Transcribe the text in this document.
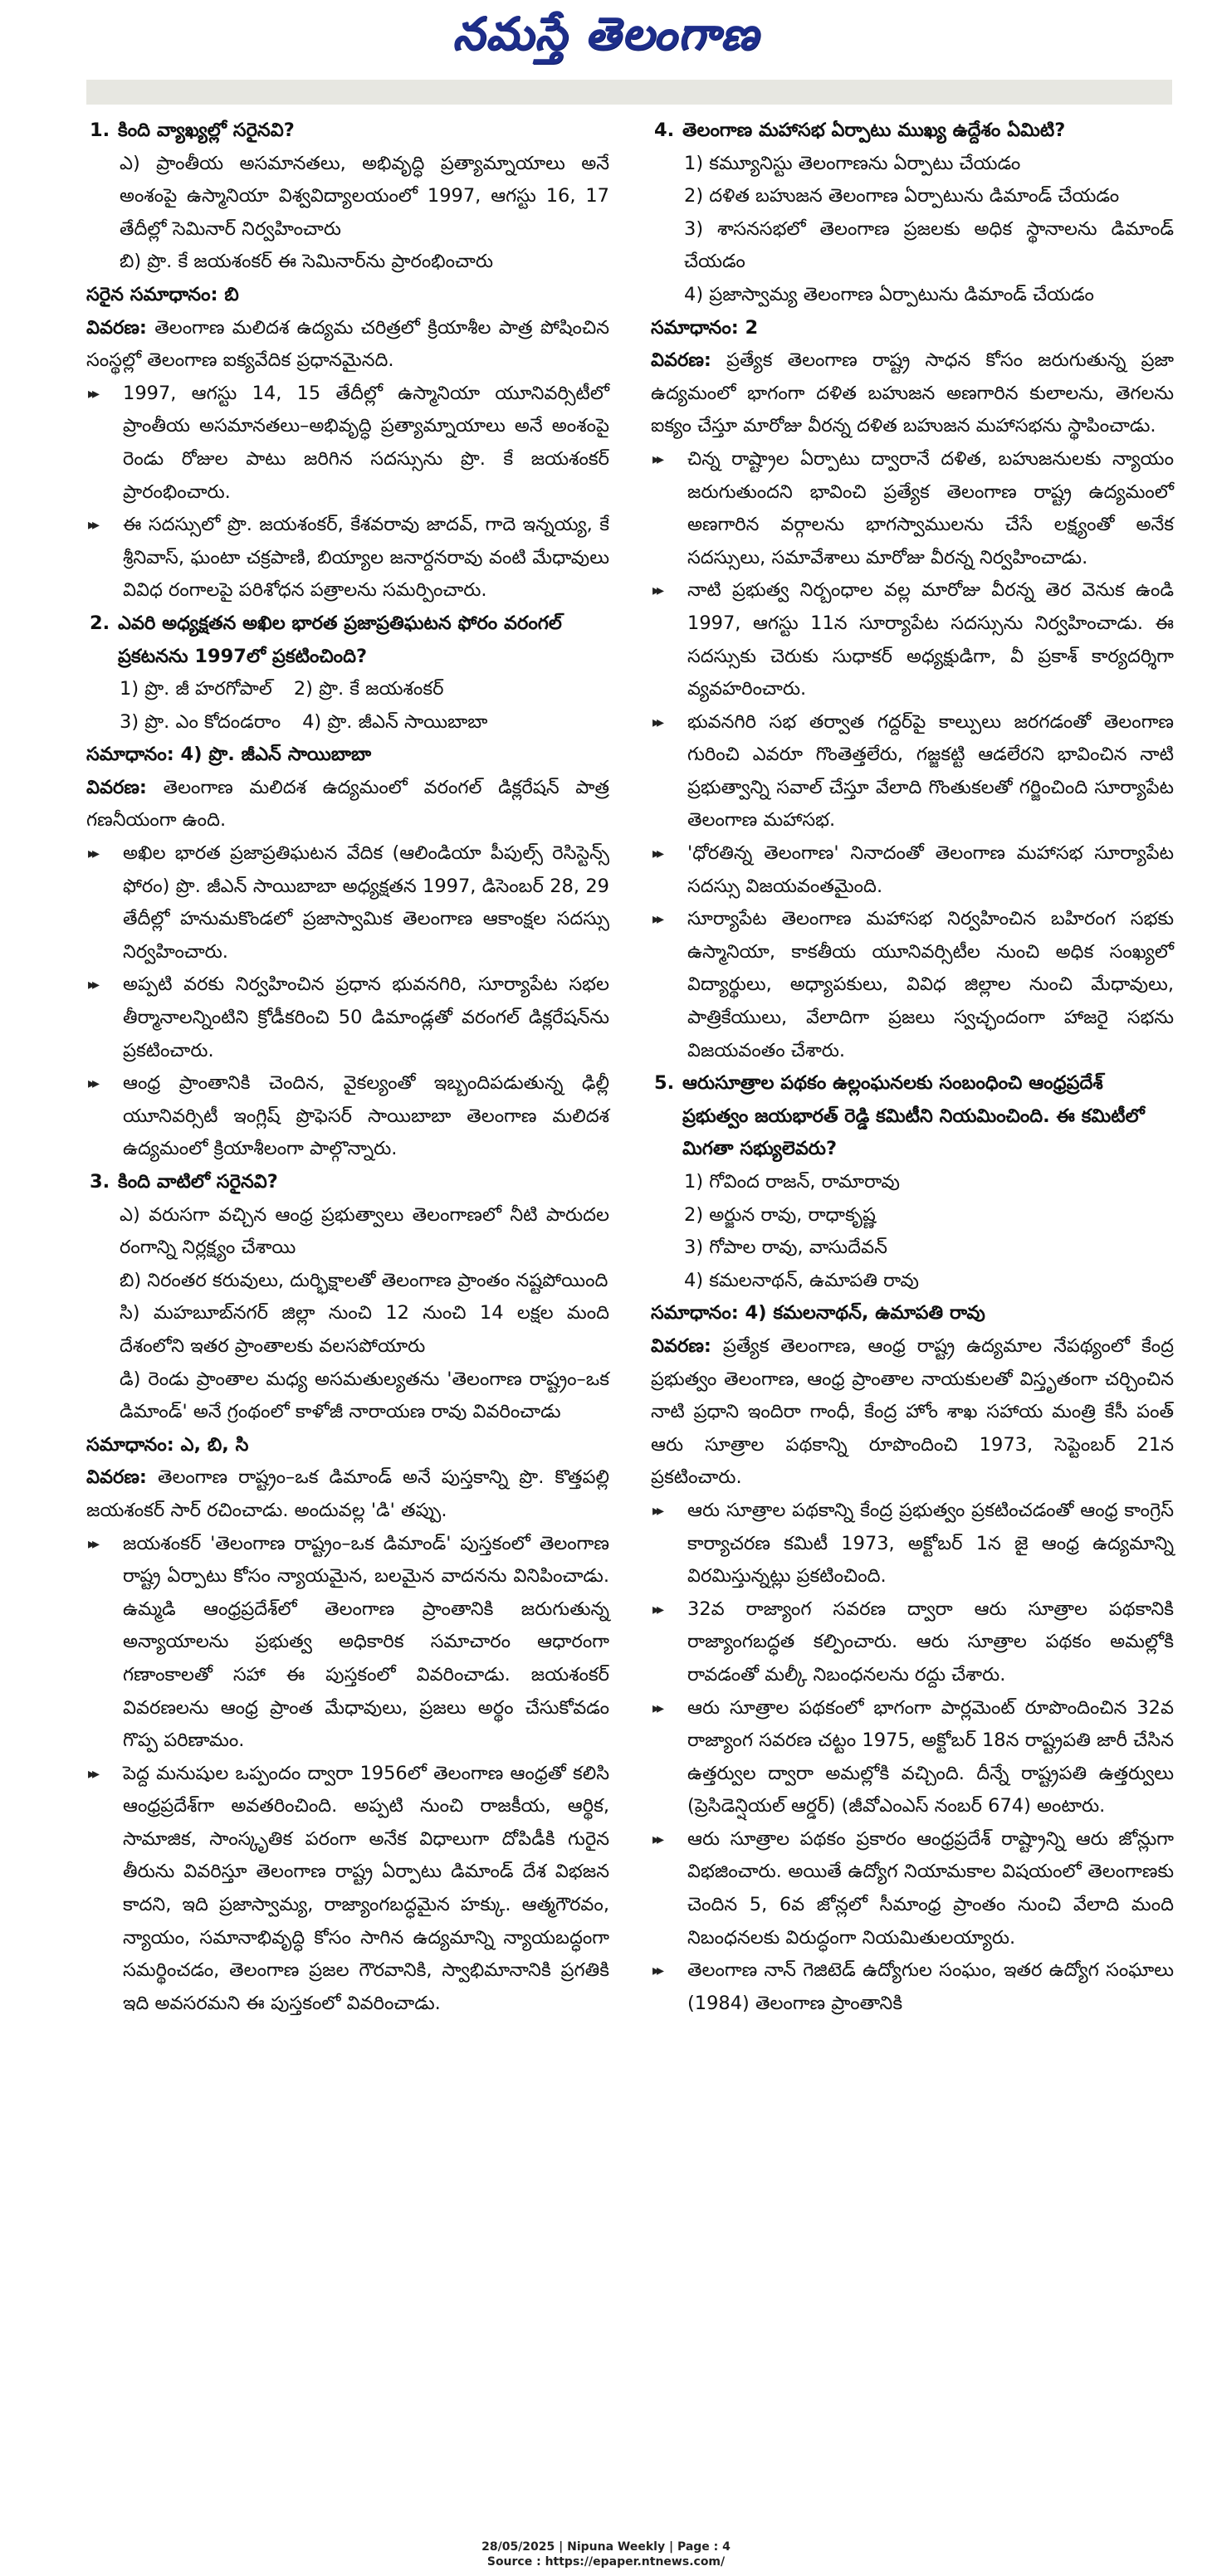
నమస్తే తెలంగాణ
1. కింది వ్యాఖ్యల్లో సరైనవి?
ఎ) ప్రాంతీయ అసమానతలు, అభివృద్ధి ప్రత్యామ్నాయాలు అనే అంశంపై ఉస్మానియా విశ్వవిద్యాలయంలో 1997, ఆగస్టు 16, 17 తేదీల్లో సెమినార్ నిర్వహించారు
బి) ప్రొ. కే జయశంకర్ ఈ సెమినార్‌ను ప్రారంభించారు
సరైన సమాధానం: బి
వివరణ: తెలంగాణ మలిదశ ఉద్యమ చరిత్రలో క్రియాశీల పాత్ర పోషించిన సంస్థల్లో తెలంగాణ ఐక్యవేదిక ప్రధానమైనది.
▸▸ 1997, ఆగస్టు 14, 15 తేదీల్లో ఉస్మానియా యూనివర్సిటీలో ప్రాంతీయ అసమానతలు–అభివృద్ధి ప్రత్యామ్నాయాలు అనే అంశంపై రెండు రోజుల పాటు జరిగిన సదస్సును ప్రొ. కే జయశంకర్ ప్రారంభించారు.
▸▸ ఈ సదస్సులో ప్రొ. జయశంకర్, కేశవరావు జాదవ్, గాదె ఇన్నయ్య, కే శ్రీనివాస్, ఘంటా చక్రపాణి, బియ్యాల జనార్దనరావు వంటి మేధావులు వివిధ రంగాలపై పరిశోధన పత్రాలను సమర్పించారు.
2. ఎవరి అధ్యక్షతన అఖిల భారత ప్రజాప్రతిఘటన ఫోరం వరంగల్ ప్రకటనను 1997లో ప్రకటించింది?
1) ప్రొ. జీ హరగోపాల్ 2) ప్రొ. కే జయశంకర్
3) ప్రొ. ఎం కోదండరాం 4) ప్రొ. జీఎన్ సాయిబాబా
సమాధానం: 4) ప్రొ. జీఎన్ సాయిబాబా
వివరణ: తెలంగాణ మలిదశ ఉద్యమంలో వరంగల్ డిక్లరేషన్ పాత్ర గణనీయంగా ఉంది.
▸▸ అఖిల భారత ప్రజాప్రతిఘటన వేదిక (ఆలిండియా పీపుల్స్ రెసిస్టెన్స్ ఫోరం) ప్రొ. జీఎన్ సాయిబాబా అధ్యక్షతన 1997, డిసెంబర్ 28, 29 తేదీల్లో హనుమకొండలో ప్రజాస్వామిక తెలంగాణ ఆకాంక్షల సదస్సు నిర్వహించారు.
▸▸ అప్పటి వరకు నిర్వహించిన ప్రధాన భువనగిరి, సూర్యాపేట సభల తీర్మానాలన్నింటిని క్రోడీకరించి 50 డిమాండ్లతో వరంగల్ డిక్లరేషన్‌ను ప్రకటించారు.
▸▸ ఆంధ్ర ప్రాంతానికి చెందిన, వైకల్యంతో ఇబ్బందిపడుతున్న ఢిల్లీ యూనివర్సిటీ ఇంగ్లిష్ ప్రొఫెసర్ సాయిబాబా తెలంగాణ మలిదశ ఉద్యమంలో క్రియాశీలంగా పాల్గొన్నారు.
3. కింది వాటిలో సరైనవి?
ఎ) వరుసగా వచ్చిన ఆంధ్ర ప్రభుత్వాలు తెలంగాణలో నీటి పారుదల రంగాన్ని నిర్లక్ష్యం చేశాయి
బి) నిరంతర కరువులు, దుర్భిక్షాలతో తెలంగాణ ప్రాంతం నష్టపోయింది
సి) మహబూబ్‌నగర్ జిల్లా నుంచి 12 నుంచి 14 లక్షల మంది దేశంలోని ఇతర ప్రాంతాలకు వలసపోయారు
డి) రెండు ప్రాంతాల మధ్య అసమతుల్యతను 'తెలంగాణ రాష్ట్రం–ఒక డిమాండ్' అనే గ్రంథంలో కాళోజీ నారాయణ రావు వివరించాడు
సమాధానం: ఎ, బి, సి
వివరణ: తెలంగాణ రాష్ట్రం–ఒక డిమాండ్ అనే పుస్తకాన్ని ప్రొ. కొత్తపల్లి జయశంకర్ సార్ రచించాడు. అందువల్ల 'డి' తప్పు.
▸▸ జయశంకర్ 'తెలంగాణ రాష్ట్రం–ఒక డిమాండ్' పుస్తకంలో తెలంగాణ రాష్ట్ర ఏర్పాటు కోసం న్యాయమైన, బలమైన వాదనను వినిపించాడు. ఉమ్మడి ఆంధ్రప్రదేశ్‌లో తెలంగాణ ప్రాంతానికి జరుగుతున్న అన్యాయాలను ప్రభుత్వ అధికారిక సమాచారం ఆధారంగా గణాంకాలతో సహా ఈ పుస్తకంలో వివరించాడు. జయశంకర్ వివరణలను ఆంధ్ర ప్రాంత మేధావులు, ప్రజలు అర్థం చేసుకోవడం గొప్ప పరిణామం.
▸▸ పెద్ద మనుషుల ఒప్పందం ద్వారా 1956లో తెలంగాణ ఆంధ్రతో కలిసి ఆంధ్రప్రదేశ్‌గా అవతరించింది. అప్పటి నుంచి రాజకీయ, ఆర్థిక, సామాజిక, సాంస్కృతిక పరంగా అనేక విధాలుగా దోపిడీకి గురైన తీరును వివరిస్తూ తెలంగాణ రాష్ట్ర ఏర్పాటు డిమాండ్ దేశ విభజన కాదని, ఇది ప్రజాస్వామ్య, రాజ్యాంగబద్ధమైన హక్కు. ఆత్మగౌరవం, న్యాయం, సమానాభివృద్ధి కోసం సాగిన ఉద్యమాన్ని న్యాయబద్ధంగా సమర్థించడం, తెలంగాణ ప్రజల గౌరవానికి, స్వాభిమానానికి ప్రగతికి ఇది అవసరమని ఈ పుస్తకంలో వివరించాడు.
4. తెలంగాణ మహాసభ ఏర్పాటు ముఖ్య ఉద్దేశం ఏమిటి?
1) కమ్యూనిస్టు తెలంగాణను ఏర్పాటు చేయడం
2) దళిత బహుజన తెలంగాణ ఏర్పాటును డిమాండ్ చేయడం
3) శాసనసభలో తెలంగాణ ప్రజలకు అధిక స్థానాలను డిమాండ్ చేయడం
4) ప్రజాస్వామ్య తెలంగాణ ఏర్పాటును డిమాండ్ చేయడం
సమాధానం: 2
వివరణ: ప్రత్యేక తెలంగాణ రాష్ట్ర సాధన కోసం జరుగుతున్న ప్రజా ఉద్యమంలో భాగంగా దళిత బహుజన అణగారిన కులాలను, తెగలను ఐక్యం చేస్తూ మారోజు వీరన్న దళిత బహుజన మహాసభను స్థాపించాడు.
▸▸ చిన్న రాష్ట్రాల ఏర్పాటు ద్వారానే దళిత, బహుజనులకు న్యాయం జరుగుతుందని భావించి ప్రత్యేక తెలంగాణ రాష్ట్ర ఉద్యమంలో అణగారిన వర్గాలను భాగస్వాములను చేసే లక్ష్యంతో అనేక సదస్సులు, సమావేశాలు మారోజు వీరన్న నిర్వహించాడు.
▸▸ నాటి ప్రభుత్వ నిర్బంధాల వల్ల మారోజు వీరన్న తెర వెనుక ఉండి 1997, ఆగస్టు 11న సూర్యాపేట సదస్సును నిర్వహించాడు. ఈ సదస్సుకు చెరుకు సుధాకర్ అధ్యక్షుడిగా, వీ ప్రకాశ్ కార్యదర్శిగా వ్యవహరించారు.
▸▸ భువనగిరి సభ తర్వాత గద్దర్‌పై కాల్పులు జరగడంతో తెలంగాణ గురించి ఎవరూ గొంతెత్తలేరు, గజ్జకట్టి ఆడలేరని భావించిన నాటి ప్రభుత్వాన్ని సవాల్ చేస్తూ వేలాది గొంతుకలతో గర్జించింది సూర్యాపేట తెలంగాణ మహాసభ.
▸▸ 'ధోరతిన్న తెలంగాణ' నినాదంతో తెలంగాణ మహాసభ సూర్యాపేట సదస్సు విజయవంతమైంది.
▸▸ సూర్యాపేట తెలంగాణ మహాసభ నిర్వహించిన బహిరంగ సభకు ఉస్మానియా, కాకతీయ యూనివర్సిటీల నుంచి అధిక సంఖ్యలో విద్యార్థులు, అధ్యాపకులు, వివిధ జిల్లాల నుంచి మేధావులు, పాత్రికేయులు, వేలాదిగా ప్రజలు స్వచ్ఛందంగా హాజరై సభను విజయవంతం చేశారు.
5. ఆరుసూత్రాల పథకం ఉల్లంఘనలకు సంబంధించి ఆంధ్రప్రదేశ్ ప్రభుత్వం జయభారత్ రెడ్డి కమిటీని నియమించింది. ఈ కమిటీలో మిగతా సభ్యులెవరు?
1) గోవింద రాజన్, రామారావు
2) అర్జున రావు, రాధాకృష్ణ
3) గోపాల రావు, వాసుదేవన్
4) కమలనాథన్, ఉమాపతి రావు
సమాధానం: 4) కమలనాథన్, ఉమాపతి రావు
వివరణ: ప్రత్యేక తెలంగాణ, ఆంధ్ర రాష్ట్ర ఉద్యమాల నేపథ్యంలో కేంద్ర ప్రభుత్వం తెలంగాణ, ఆంధ్ర ప్రాంతాల నాయకులతో విస్తృతంగా చర్చించిన నాటి ప్రధాని ఇందిరా గాంధీ, కేంద్ర హోం శాఖ సహాయ మంత్రి కేసీ పంత్ ఆరు సూత్రాల పథకాన్ని రూపొందించి 1973, సెప్టెంబర్ 21న ప్రకటించారు.
▸▸ ఆరు సూత్రాల పథకాన్ని కేంద్ర ప్రభుత్వం ప్రకటించడంతో ఆంధ్ర కాంగ్రెస్ కార్యాచరణ కమిటీ 1973, అక్టోబర్ 1న జై ఆంధ్ర ఉద్యమాన్ని విరమిస్తున్నట్లు ప్రకటించింది.
▸▸ 32వ రాజ్యాంగ సవరణ ద్వారా ఆరు సూత్రాల పథకానికి రాజ్యాంగబద్ధత కల్పించారు. ఆరు సూత్రాల పథకం అమల్లోకి రావడంతో మల్కీ నిబంధనలను రద్దు చేశారు.
▸▸ ఆరు సూత్రాల పథకంలో భాగంగా పార్లమెంట్ రూపొందించిన 32వ రాజ్యాంగ సవరణ చట్టం 1975, అక్టోబర్ 18న రాష్ట్రపతి జారీ చేసిన ఉత్తర్వుల ద్వారా అమల్లోకి వచ్చింది. దీన్నే రాష్ట్రపతి ఉత్తర్వులు (ప్రెసిడెన్షియల్ ఆర్డర్) (జీవోఎంఎస్ నంబర్ 674) అంటారు.
▸▸ ఆరు సూత్రాల పథకం ప్రకారం ఆంధ్రప్రదేశ్ రాష్ట్రాన్ని ఆరు జోన్లుగా విభజించారు. అయితే ఉద్యోగ నియామకాల విషయంలో తెలంగాణకు చెందిన 5, 6వ జోన్లలో సీమాంధ్ర ప్రాంతం నుంచి వేలాది మంది నిబంధనలకు విరుద్ధంగా నియమితులయ్యారు.
▸▸ తెలంగాణ నాన్ గెజిటెడ్ ఉద్యోగుల సంఘం, ఇతర ఉద్యోగ సంఘాలు (1984) తెలంగాణ ప్రాంతానికి
28/05/2025 | Nipuna Weekly | Page : 4
Source : https://epaper.ntnews.com/
